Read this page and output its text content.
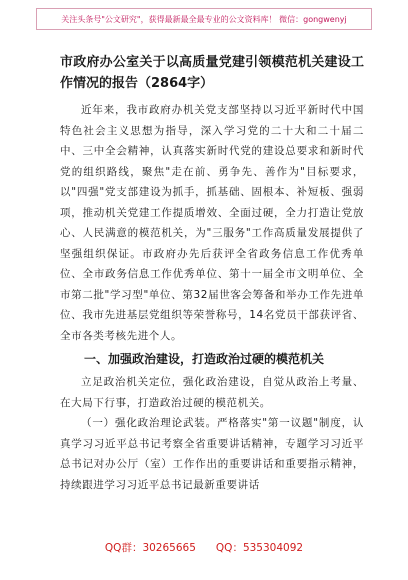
关注头条号"公文研究"，获得最新最全最专业的公文资料库！ 微信：gongwenyj
市政府办公室关于以高质量党建引领模范机关建设工作情况的报告（2864字）

近年来，我市政府办机关党支部坚持以习近平新时代中国特色社会主义思想为指导，深入学习党的二十大和二十届二中、三中全会精神，认真落实新时代党的建设总要求和新时代党的组织路线，聚焦"走在前、勇争先、善作为"目标要求，以"四强"党支部建设为抓手，抓基础、固根本、补短板、强弱项，推动机关党建工作提质增效、全面过硬，全力打造让党放心、人民满意的模范机关，为"三服务"工作高质量发展提供了坚强组织保证。市政府办先后获评全省政务信息工作优秀单位、全市政务信息工作优秀单位、第十一届全市文明单位、全市第二批"学习型"单位、第32届世客会筹备和举办工作先进单位、我市先进基层党组织等荣誉称号，14名党员干部获评省、全市各类考核先进个人。

一、加强政治建设，打造政治过硬的模范机关

立足政治机关定位，强化政治建设，自觉从政治上考量、在大局下行事，打造政治过硬的模范机关。

（一）强化政治理论武装。严格落实"第一议题"制度，认真学习习近平总书记考察全省重要讲话精神，专题学习习近平总书记对办公厅（室）工作作出的重要讲话和重要指示精神，持续跟进学习习近平总书记最新重要讲话

QQ群：30265665      QQ：535304092
